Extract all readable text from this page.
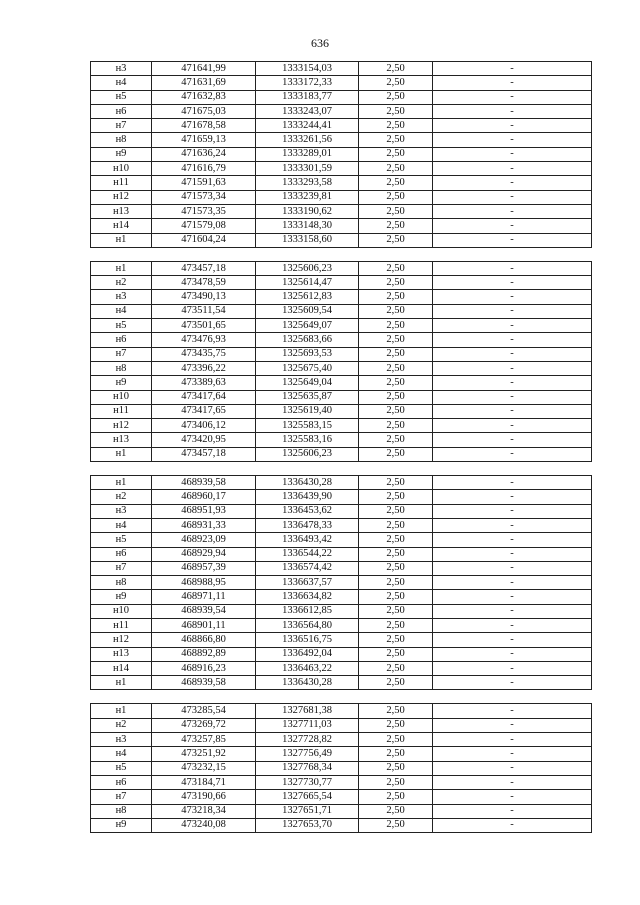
636
н3	471641,99	1333154,03	2,50	-
н4	471631,69	1333172,33	2,50	-
н5	471632,83	1333183,77	2,50	-
н6	471675,03	1333243,07	2,50	-
н7	471678,58	1333244,41	2,50	-
н8	471659,13	1333261,56	2,50	-
н9	471636,24	1333289,01	2,50	-
н10	471616,79	1333301,59	2,50	-
н11	471591,63	1333293,58	2,50	-
н12	471573,34	1333239,81	2,50	-
н13	471573,35	1333190,62	2,50	-
н14	471579,08	1333148,30	2,50	-
н1	471604,24	1333158,60	2,50	-

н1	473457,18	1325606,23	2,50	-
н2	473478,59	1325614,47	2,50	-
н3	473490,13	1325612,83	2,50	-
н4	473511,54	1325609,54	2,50	-
н5	473501,65	1325649,07	2,50	-
н6	473476,93	1325683,66	2,50	-
н7	473435,75	1325693,53	2,50	-
н8	473396,22	1325675,40	2,50	-
н9	473389,63	1325649,04	2,50	-
н10	473417,64	1325635,87	2,50	-
н11	473417,65	1325619,40	2,50	-
н12	473406,12	1325583,15	2,50	-
н13	473420,95	1325583,16	2,50	-
н1	473457,18	1325606,23	2,50	-

н1	468939,58	1336430,28	2,50	-
н2	468960,17	1336439,90	2,50	-
н3	468951,93	1336453,62	2,50	-
н4	468931,33	1336478,33	2,50	-
н5	468923,09	1336493,42	2,50	-
н6	468929,94	1336544,22	2,50	-
н7	468957,39	1336574,42	2,50	-
н8	468988,95	1336637,57	2,50	-
н9	468971,11	1336634,82	2,50	-
н10	468939,54	1336612,85	2,50	-
н11	468901,11	1336564,80	2,50	-
н12	468866,80	1336516,75	2,50	-
н13	468892,89	1336492,04	2,50	-
н14	468916,23	1336463,22	2,50	-
н1	468939,58	1336430,28	2,50	-

н1	473285,54	1327681,38	2,50	-
н2	473269,72	1327711,03	2,50	-
н3	473257,85	1327728,82	2,50	-
н4	473251,92	1327756,49	2,50	-
н5	473232,15	1327768,34	2,50	-
н6	473184,71	1327730,77	2,50	-
н7	473190,66	1327665,54	2,50	-
н8	473218,34	1327651,71	2,50	-
н9	473240,08	1327653,70	2,50	-
